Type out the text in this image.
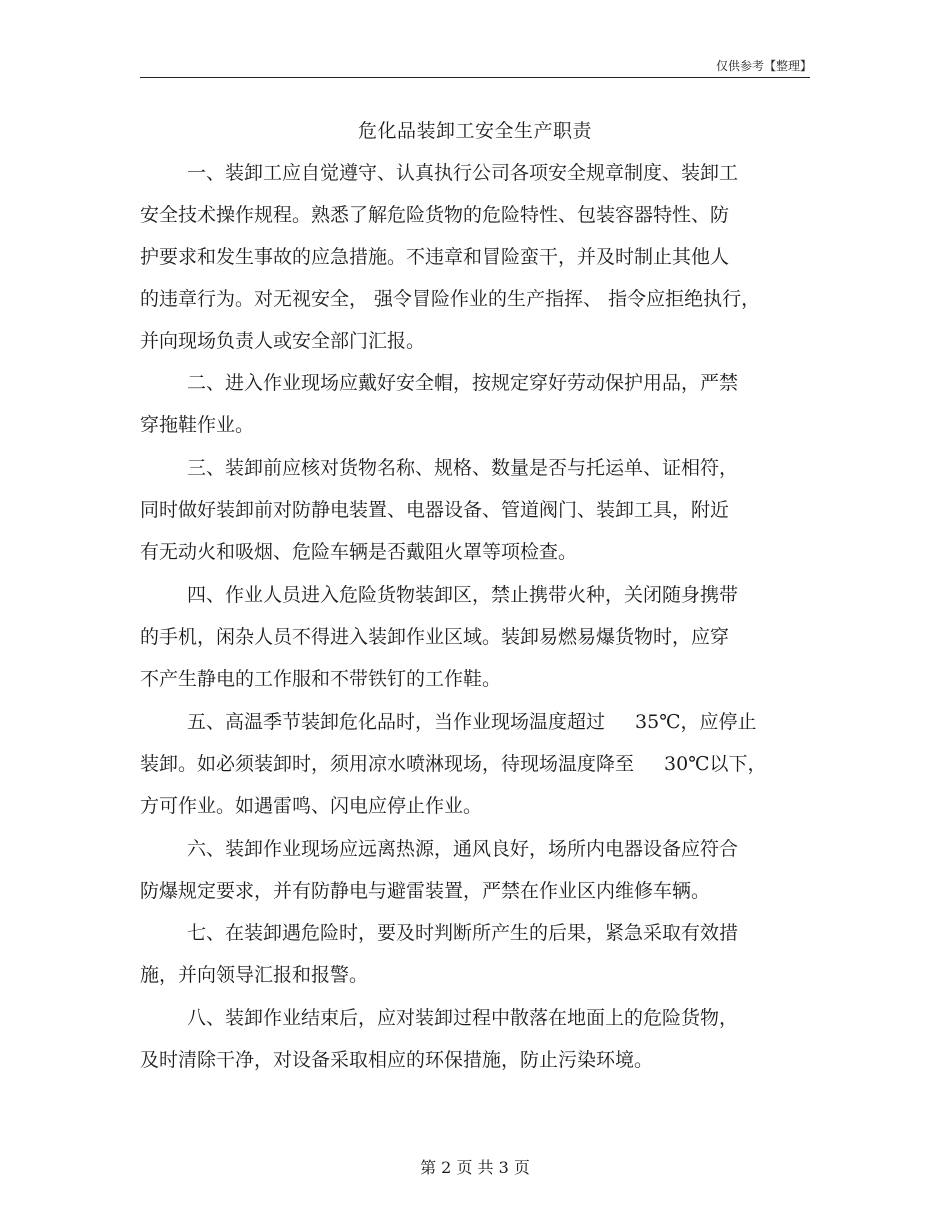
仅供参考【整理】
危化品装卸工安全生产职责
一、装卸工应自觉遵守、认真执行公司各项安全规章制度、装卸工
安全技术操作规程。熟悉了解危险货物的危险特性、包装容器特性、防
护要求和发生事故的应急措施。不违章和冒险蛮干，并及时制止其他人
的违章行为。对无视安全， 强令冒险作业的生产指挥、 指令应拒绝执行，
并向现场负责人或安全部门汇报。
二、进入作业现场应戴好安全帽，按规定穿好劳动保护用品，严禁
穿拖鞋作业。
三、装卸前应核对货物名称、规格、数量是否与托运单、证相符，
同时做好装卸前对防静电装置、电器设备、管道阀门、装卸工具，附近
有无动火和吸烟、危险车辆是否戴阻火罩等项检查。
四、作业人员进入危险货物装卸区，禁止携带火种，关闭随身携带
的手机，闲杂人员不得进入装卸作业区域。装卸易燃易爆货物时，应穿
不产生静电的工作服和不带铁钉的工作鞋。
五、高温季节装卸危化品时，当作业现场温度超过 35℃，应停止
装卸。如必须装卸时，须用凉水喷淋现场，待现场温度降至 30℃以下，
方可作业。如遇雷鸣、闪电应停止作业。
六、装卸作业现场应远离热源，通风良好，场所内电器设备应符合
防爆规定要求，并有防静电与避雷装置，严禁在作业区内维修车辆。
七、在装卸遇危险时，要及时判断所产生的后果，紧急采取有效措
施，并向领导汇报和报警。
八、装卸作业结束后，应对装卸过程中散落在地面上的危险货物，
及时清除干净，对设备采取相应的环保措施，防止污染环境。
第 2 页 共 3 页
